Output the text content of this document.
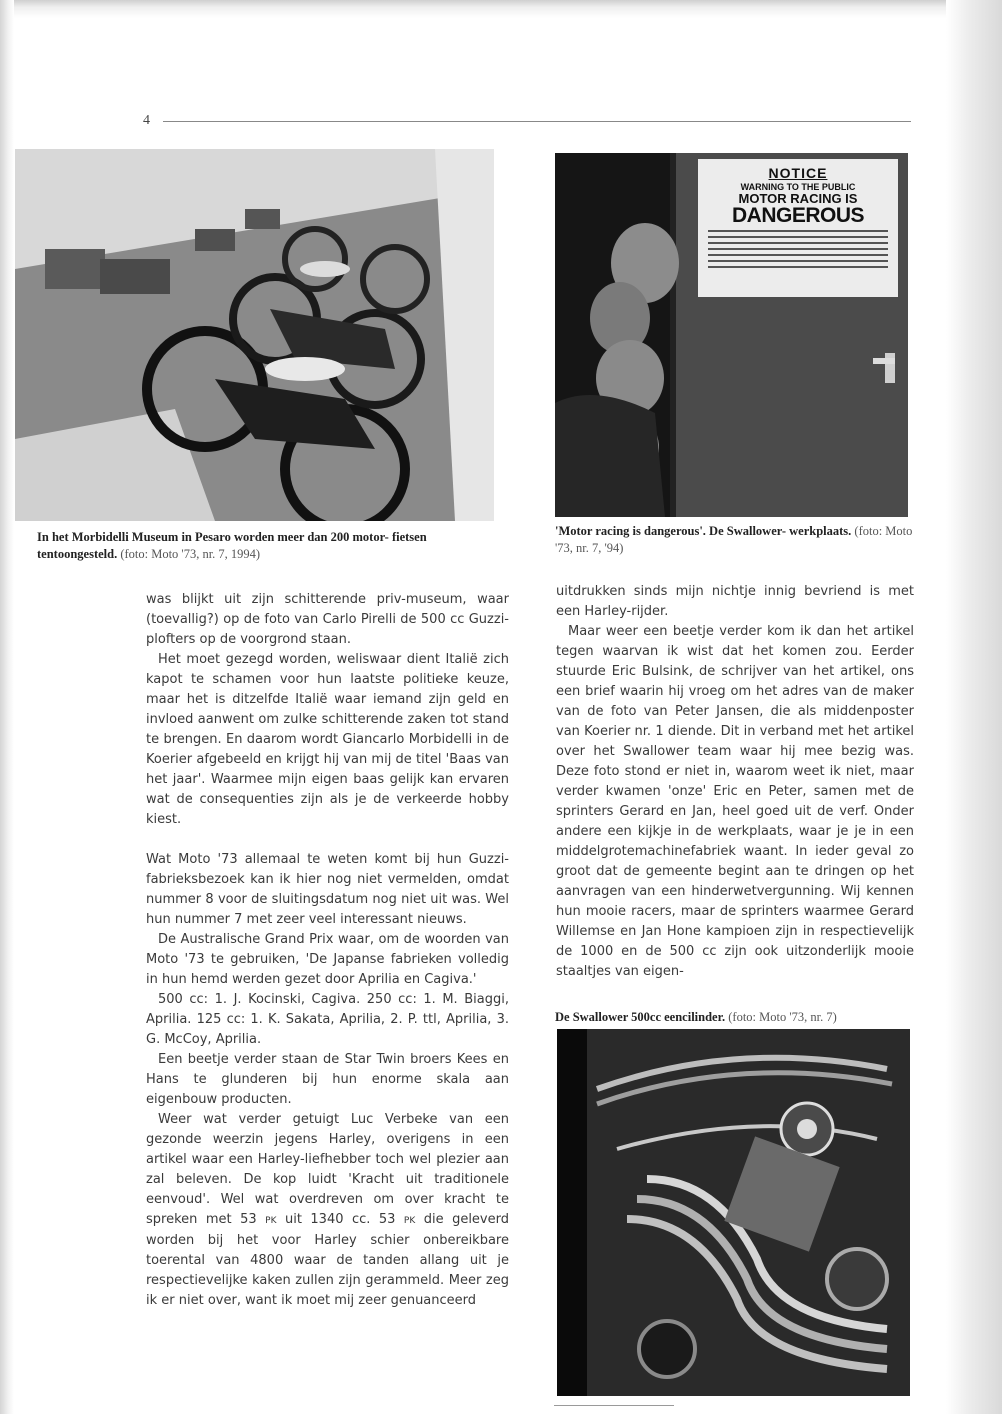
4
In het Morbidelli Museum in Pesaro worden meer dan 200 motor- fietsen tentoongesteld. (foto: Moto '73, nr. 7, 1994)
NOTICE
WARNING TO THE PUBLIC
MOTOR RACING IS
DANGEROUS
'Motor racing is dangerous'. De Swallower- werkplaats. (foto: Moto '73, nr. 7, '94)
De Swallower 500cc eencilinder. (foto: Moto '73, nr. 7)

was blijkt uit zijn schitterende priv-museum, waar (toevallig?) op de foto van Carlo Pirelli de 500 cc Guzzi-plofters op de voorgrond staan.

Het moet gezegd worden, weliswaar dient Italië zich kapot te schamen voor hun laatste politieke keuze, maar het is ditzelfde Italië waar iemand zijn geld en invloed aanwent om zulke schitterende zaken tot stand te brengen. En daarom wordt Giancarlo Morbidelli in de Koerier afgebeeld en krijgt hij van mij de titel 'Baas van het jaar'. Waarmee mijn eigen baas gelijk kan ervaren wat de consequenties zijn als je de verkeerde hobby kiest.

Wat Moto '73 allemaal te weten komt bij hun Guzzi-fabrieksbezoek kan ik hier nog niet vermelden, omdat nummer 8 voor de sluitingsdatum nog niet uit was. Wel hun nummer 7 met zeer veel interessant nieuws.

De Australische Grand Prix waar, om de woorden van Moto '73 te gebruiken, 'De Japanse fabrieken volledig in hun hemd werden gezet door Aprilia en Cagiva.'

500 cc: 1. J. Kocinski, Cagiva. 250 cc: 1. M. Biaggi, Aprilia. 125 cc: 1. K. Sakata, Aprilia, 2. P. ttl, Aprilia, 3. G. McCoy, Aprilia.

Een beetje verder staan de Star Twin broers Kees en Hans te glunderen bij hun enorme skala aan eigenbouw producten.

Weer wat verder getuigt Luc Verbeke van een gezonde weerzin jegens Harley, overigens in een artikel waar een Harley-liefhebber toch wel plezier aan zal beleven. De kop luidt 'Kracht uit traditionele eenvoud'. Wel wat overdreven om over kracht te spreken met 53 PK uit 1340 cc. 53 PK die geleverd worden bij het voor Harley schier onbereikbare toerental van 4800 waar de tanden allang uit je respectievelijke kaken zullen zijn gerammeld. Meer zeg ik er niet over, want ik moet mij zeer genuanceerd

uitdrukken sinds mijn nichtje innig bevriend is met een Harley-rijder.

Maar weer een beetje verder kom ik dan het artikel tegen waarvan ik wist dat het komen zou. Eerder stuurde Eric Bulsink, de schrijver van het artikel, ons een brief waarin hij vroeg om het adres van de maker van de foto van Peter Jansen, die als middenposter van Koerier nr. 1 diende. Dit in verband met het artikel over het Swallower team waar hij mee bezig was. Deze foto stond er niet in, waarom weet ik niet, maar verder kwamen 'onze' Eric en Peter, samen met de sprinters Gerard en Jan, heel goed uit de verf. Onder andere een kijkje in de werkplaats, waar je je in een middelgrotemachinefabriek waant. In ieder geval zo groot dat de gemeente begint aan te dringen op het aanvragen van een hinderwetvergunning. Wij kennen hun mooie racers, maar de sprinters waarmee Gerard Willemse en Jan Hone kampioen zijn in respectievelijk de 1000 en de 500 cc zijn ook uitzonderlijk mooie staaltjes van eigen-
